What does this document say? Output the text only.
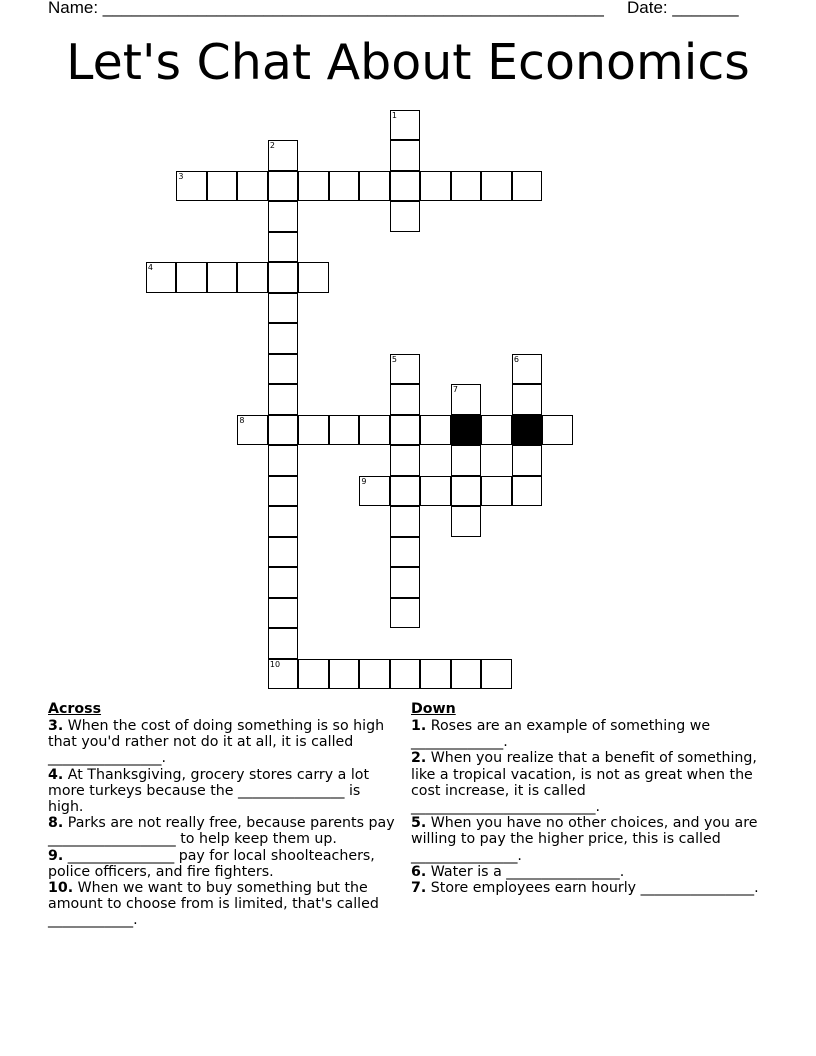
Name: _____________________________________________________ Date: _______
Let's Chat About Economics
1
2
10
3
4
5	6
7
8
9
Across

3. When the cost of doing something is so high that you'd rather not do it at all, it is called ________________.

4. At Thanksgiving, grocery stores carry a lot more turkeys because the _______________ is high.

8. Parks are not really free, because parents pay __________________ to help keep them up.

9. _______________ pay for local shoolteachers, police officers, and fire fighters.

10. When we want to buy something but the amount to choose from is limited, that's called ____________.

Down

1. Roses are an example of something we _____________.

2. When you realize that a benefit of something, like a tropical vacation, is not as great when the cost increase, it is called __________________________.

5. When you have no other choices, and you are willing to pay the higher price, this is called _______________.

6. Water is a ________________.

7. Store employees earn hourly ________________.
